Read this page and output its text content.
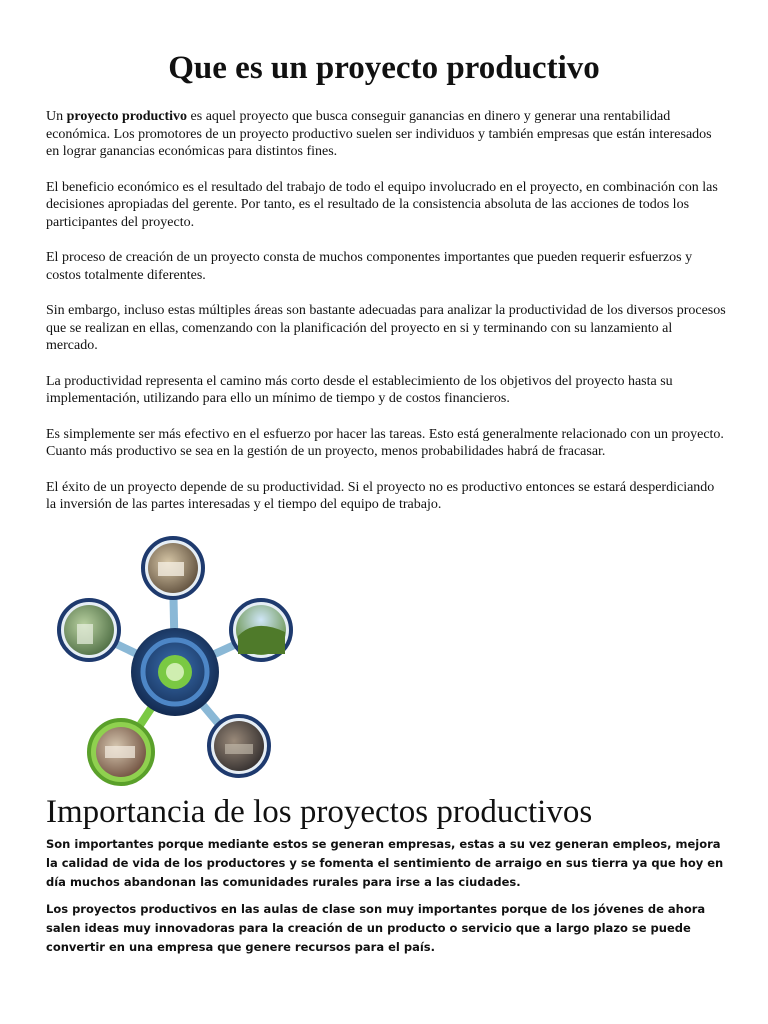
Que es un proyecto productivo

Un proyecto productivo es aquel proyecto que busca conseguir ganancias en dinero y generar una rentabilidad económica. Los promotores de un proyecto productivo suelen ser individuos y también empresas que están interesados en lograr ganancias económicas para distintos fines.

El beneficio económico es el resultado del trabajo de todo el equipo involucrado en el proyecto, en combinación con las decisiones apropiadas del gerente. Por tanto, es el resultado de la consistencia absoluta de las acciones de todos los participantes del proyecto.

El proceso de creación de un proyecto consta de muchos componentes importantes que pueden requerir esfuerzos y costos totalmente diferentes.

Sin embargo, incluso estas múltiples áreas son bastante adecuadas para analizar la productividad de los diversos procesos que se realizan en ellas, comenzando con la planificación del proyecto en si y terminando con su lanzamiento al mercado.

La productividad representa el camino más corto desde el establecimiento de los objetivos del proyecto hasta su implementación, utilizando para ello un mínimo de tiempo y de costos financieros.

Es simplemente ser más efectivo en el esfuerzo por hacer las tareas. Esto está generalmente relacionado con un proyecto. Cuanto más productivo se sea en la gestión de un proyecto, menos probabilidades habrá de fracasar.

El éxito de un proyecto depende de su productividad. Si el proyecto no es productivo entonces se estará desperdiciando la inversión de las partes interesadas y el tiempo del equipo de trabajo.

Importancia de los proyectos productivos

Son importantes porque mediante estos se generan empresas, estas a su vez generan empleos, mejora la calidad de vida de los productores y se fomenta el sentimiento de arraigo en sus tierra ya que hoy en día muchos abandonan las comunidades rurales para irse a las ciudades.

Los proyectos productivos en las aulas de clase son muy importantes porque de los jóvenes de ahora salen ideas muy innovadoras para la creación de un producto o servicio que a largo plazo se puede convertir en una empresa que genere recursos para el país.
